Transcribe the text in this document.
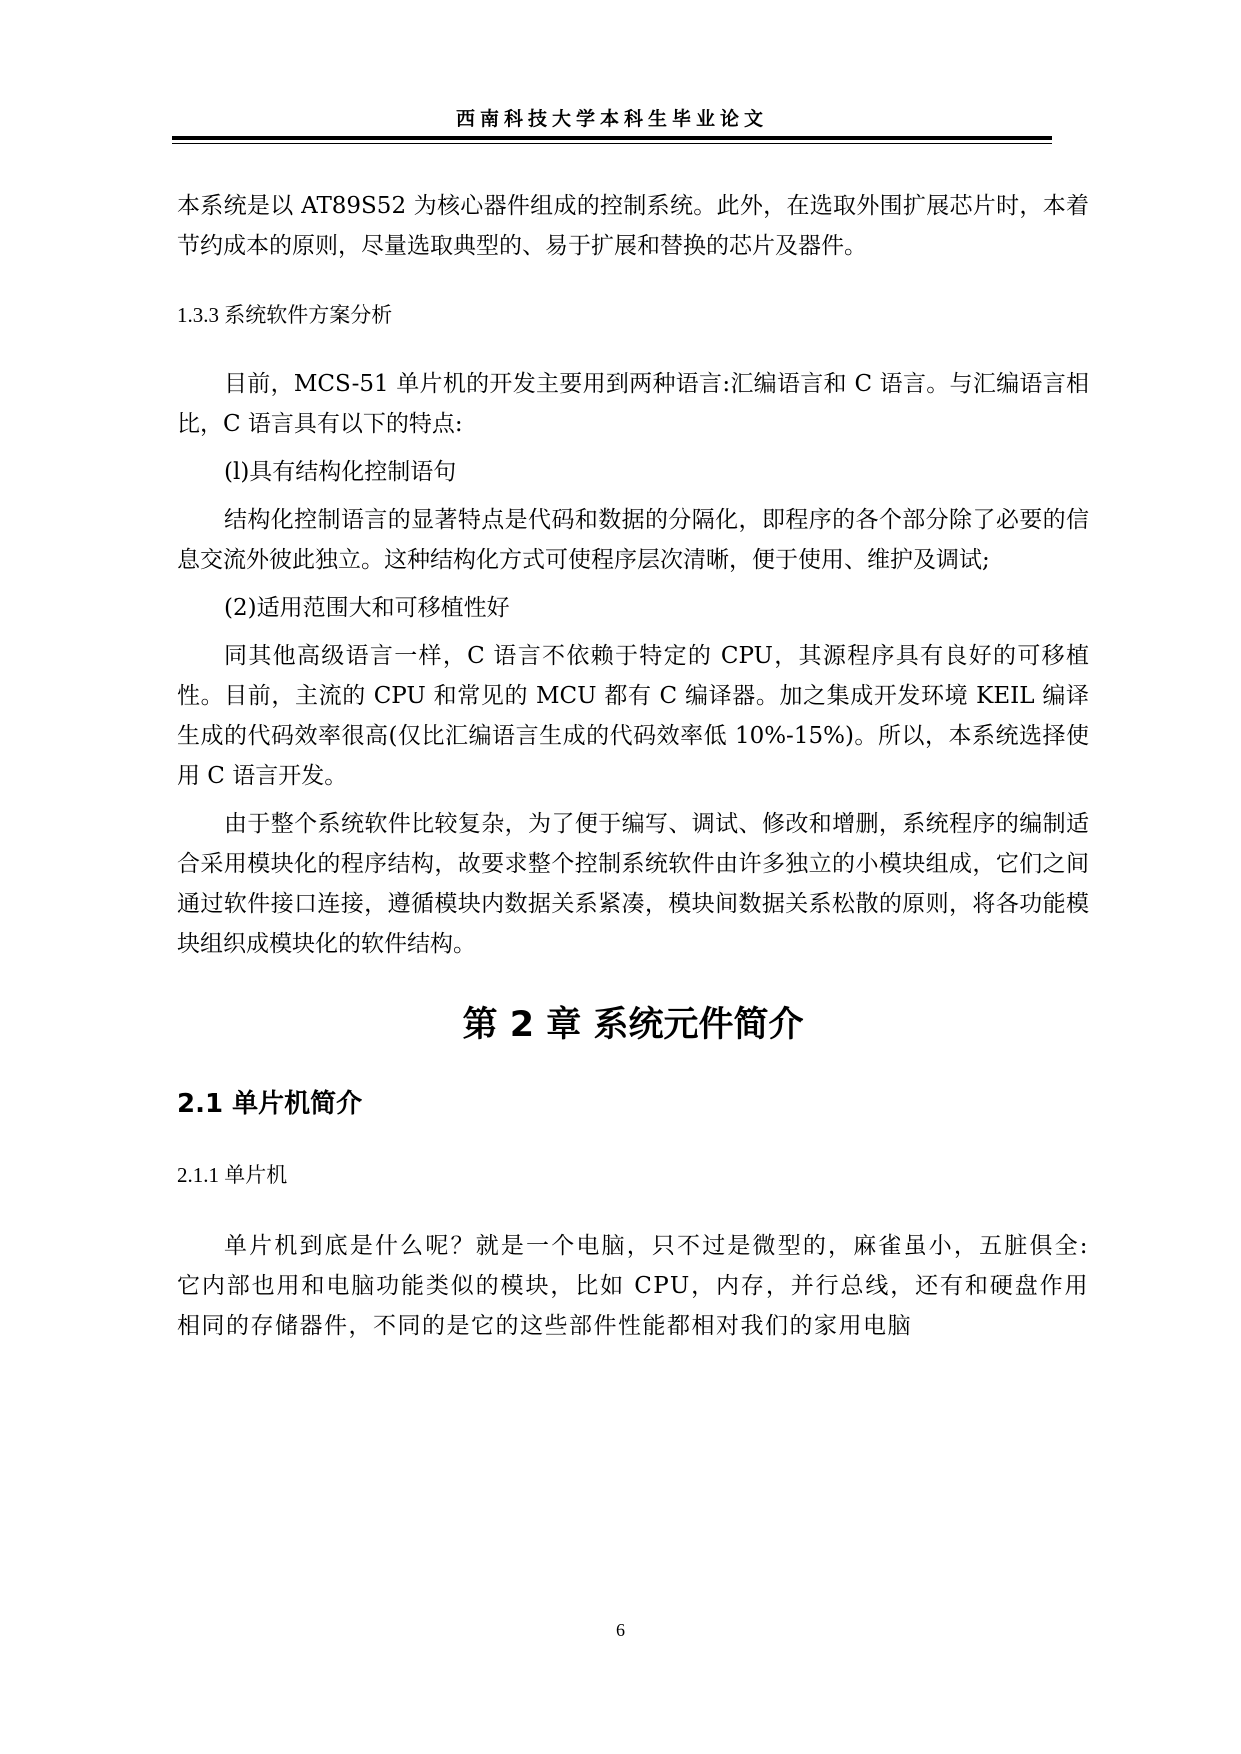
西南科技大学本科生毕业论文

本系统是以 AT89S52 为核心器件组成的控制系统。此外，在选取外围扩展芯片时，本着节约成本的原则，尽量选取典型的、易于扩展和替换的芯片及器件。

1.3.3 系统软件方案分析

目前，MCS-51 单片机的开发主要用到两种语言:汇编语言和 C 语言。与汇编语言相比，C 语言具有以下的特点:

(l)具有结构化控制语句

结构化控制语言的显著特点是代码和数据的分隔化，即程序的各个部分除了必要的信息交流外彼此独立。这种结构化方式可使程序层次清晰，便于使用、维护及调试;

(2)适用范围大和可移植性好

同其他高级语言一样，C 语言不依赖于特定的 CPU，其源程序具有良好的可移植性。目前，主流的 CPU 和常见的 MCU 都有 C 编译器。加之集成开发环境 KEIL 编译生成的代码效率很高(仅比汇编语言生成的代码效率低 10%-15%)。所以，本系统选择使用 C 语言开发。

由于整个系统软件比较复杂，为了便于编写、调试、修改和增删，系统程序的编制适合采用模块化的程序结构，故要求整个控制系统软件由许多独立的小模块组成，它们之间通过软件接口连接，遵循模块内数据关系紧凑，模块间数据关系松散的原则，将各功能模块组织成模块化的软件结构。

第 2 章 系统元件简介
2.1 单片机简介

2.1.1 单片机

单片机到底是什么呢？就是一个电脑，只不过是微型的，麻雀虽小，五脏俱全: 它内部也用和电脑功能类似的模块，比如 CPU，内存，并行总线，还有和硬盘作用相同的存储器件，不同的是它的这些部件性能都相对我们的家用电脑

6
